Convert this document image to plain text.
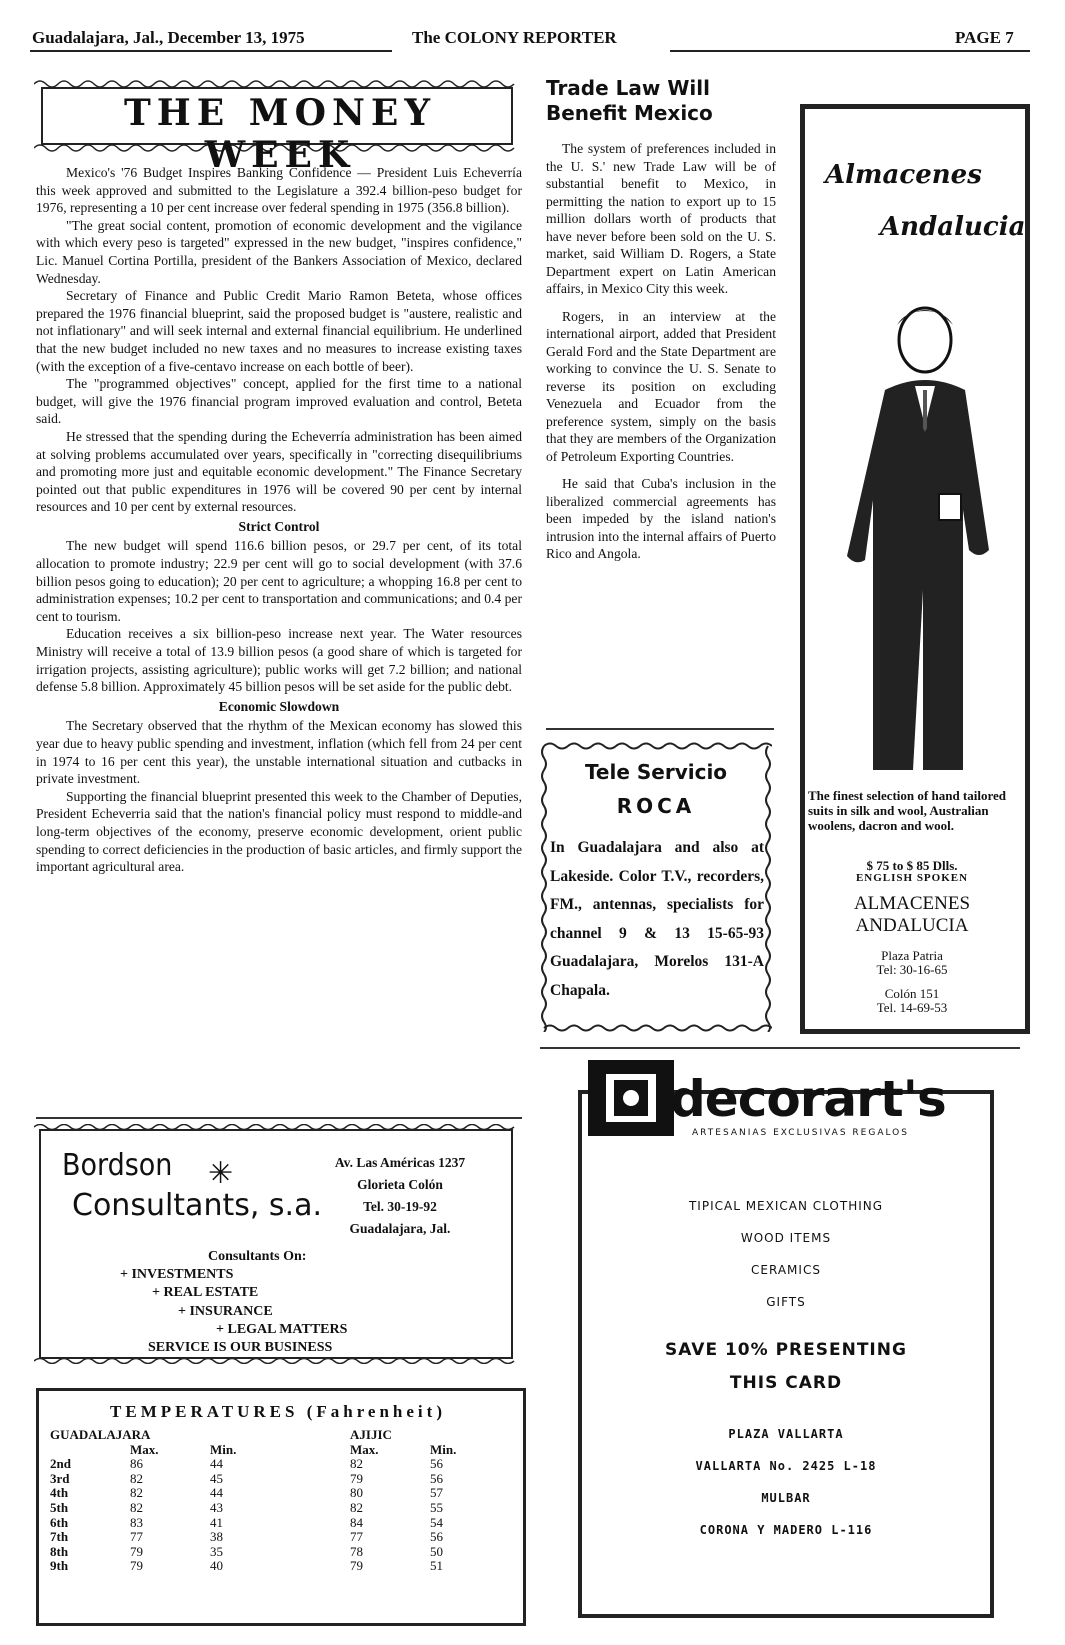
Guadalajara, Jal., December 13, 1975	The COLONY REPORTER	PAGE 7
THE MONEY WEEK

Mexico's '76 Budget Inspires Banking Confidence — President Luis Echeverría this week approved and submitted to the Legislature a 392.4 billion-peso budget for 1976, representing a 10 per cent increase over federal spending in 1975 (356.8 billion).

"The great social content, promotion of economic development and the vigilance with which every peso is targeted" expressed in the new budget, "inspires confidence," Lic. Manuel Cortina Portilla, president of the Bankers Association of Mexico, declared Wednesday.

Secretary of Finance and Public Credit Mario Ramon Beteta, whose offices prepared the 1976 financial blueprint, said the proposed budget is "austere, realistic and not inflationary" and will seek internal and external financial equilibrium. He underlined that the new budget included no new taxes and no measures to increase existing taxes (with the exception of a five-centavo increase on each bottle of beer).

The "programmed objectives" concept, applied for the first time to a national budget, will give the 1976 financial program improved evaluation and control, Beteta said.

He stressed that the spending during the Echeverría administration has been aimed at solving problems accumulated over years, specifically in "correcting disequilibriums and promoting more just and equitable economic development." The Finance Secretary pointed out that public expenditures in 1976 will be covered 90 per cent by internal resources and 10 per cent by external resources.

Strict Control

The new budget will spend 116.6 billion pesos, or 29.7 per cent, of its total allocation to promote industry; 22.9 per cent will go to social development (with 37.6 billion pesos going to education); 20 per cent to agriculture; a whopping 16.8 per cent to administration expenses; 10.2 per cent to transportation and communications; and 0.4 per cent to tourism.

Education receives a six billion-peso increase next year. The Water resources Ministry will receive a total of 13.9 billion pesos (a good share of which is targeted for irrigation projects, assisting agriculture); public works will get 7.2 billion; and national defense 5.8 billion. Approximately 45 billion pesos will be set aside for the public debt.

Economic Slowdown

The Secretary observed that the rhythm of the Mexican economy has slowed this year due to heavy public spending and investment, inflation (which fell from 24 per cent in 1974 to 16 per cent this year), the unstable international situation and cutbacks in private investment.

Supporting the financial blueprint presented this week to the Chamber of Deputies, President Echeverria said that the nation's financial policy must respond to middle-and long-term objectives of the economy, preserve economic development, orient public spending to correct deficiencies in the production of basic articles, and firmly support the important agricultural area.

Trade Law Will Benefit Mexico

The system of preferences included in the U. S.' new Trade Law will be of substantial benefit to Mexico, in permitting the nation to export up to 15 million dollars worth of products that have never before been sold on the U. S. market, said William D. Rogers, a State Department expert on Latin American affairs, in Mexico City this week.

Rogers, in an interview at the international airport, added that President Gerald Ford and the State Department are working to convince the U. S. Senate to reverse its position on excluding Venezuela and Ecuador from the preference system, simply on the basis that they are members of the Organization of Petroleum Exporting Countries.

He said that Cuba's inclusion in the liberalized commercial agreements has been impeded by the island nation's intrusion into the internal affairs of Puerto Rico and Angola.

Almacenes
Andalucia
The finest selection of hand tailored suits in silk and wool, Australian woolens, dacron and wool.
$ 75 to $ 85 Dlls.
ENGLISH SPOKEN
ALMACENES
ANDALUCIA
Plaza Patria
Tel: 30-16-65
Colón 151
Tel. 14-69-53
Tele Servicio
ROCA
In Guadalajara and also at Lakeside. Color T.V., recorders, FM., antennas, specialists for channel 9 & 13 15-65-93 Guadalajara, Morelos 131-A Chapala.
decorart's
ARTESANIAS EXCLUSIVAS REGALOS
TIPICAL MEXICAN CLOTHING
WOOD ITEMS
CERAMICS
GIFTS
SAVE 10% PRESENTING
THIS CARD
PLAZA VALLARTA
VALLARTA No. 2425 L-18
MULBAR
CORONA Y MADERO L-116
Bordson
Consultants, s.a.
✳	Av. Las Américas 1237
Glorieta Colón
Tel. 30-19-92
Guadalajara, Jal.
Consultants On:
+ INVESTMENTS
+ REAL ESTATE
+ INSURANCE
+ LEGAL MATTERS
SERVICE IS OUR BUSINESS
TEMPERATURES (Fahrenheit)
GUADALAJARA			AJIJIC	
	Max.	Min.	Max.	Min.
2nd	86	44	82	56
3rd	82	45	79	56
4th	82	44	80	57
5th	82	43	82	55
6th	83	41	84	54
7th	77	38	77	56
8th	79	35	78	50
9th	79	40	79	51
